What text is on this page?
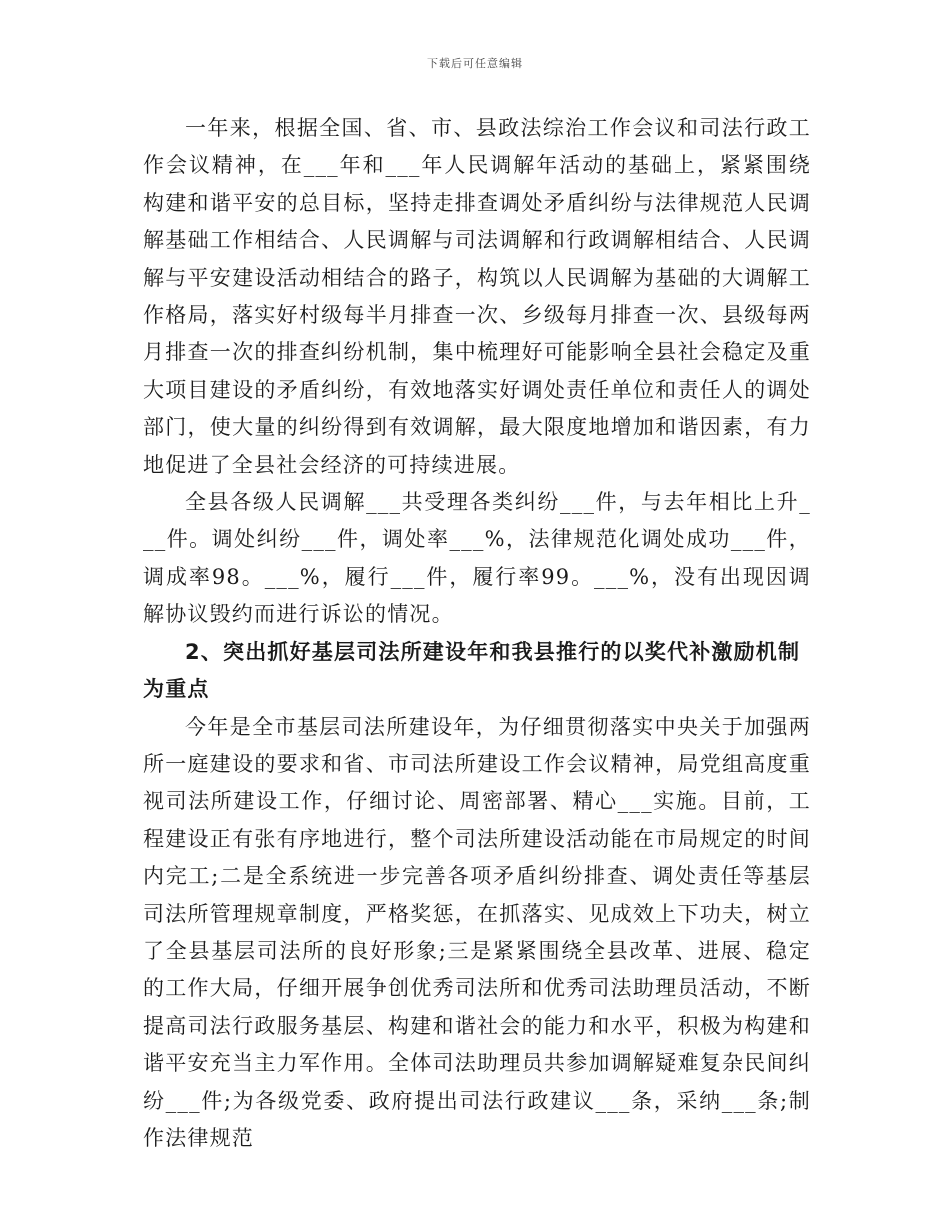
下载后可任意编辑

一年来，根据全国、省、市、县政法综治工作会议和司法行政工作会议精神，在___年和___年人民调解年活动的基础上，紧紧围绕构建和谐平安的总目标，坚持走排查调处矛盾纠纷与法律规范人民调解基础工作相结合、人民调解与司法调解和行政调解相结合、人民调解与平安建设活动相结合的路子，构筑以人民调解为基础的大调解工作格局，落实好村级每半月排查一次、乡级每月排查一次、县级每两月排查一次的排查纠纷机制，集中梳理好可能影响全县社会稳定及重大项目建设的矛盾纠纷，有效地落实好调处责任单位和责任人的调处部门，使大量的纠纷得到有效调解，最大限度地增加和谐因素，有力地促进了全县社会经济的可持续进展。

全县各级人民调解___共受理各类纠纷___件，与去年相比上升___件。调处纠纷___件，调处率___%，法律规范化调处成功___件，调成率98。___%，履行___件，履行率99。___%，没有出现因调解协议毁约而进行诉讼的情况。

2、突出抓好基层司法所建设年和我县推行的以奖代补激励机制为重点

今年是全市基层司法所建设年，为仔细贯彻落实中央关于加强两所一庭建设的要求和省、市司法所建设工作会议精神，局党组高度重视司法所建设工作，仔细讨论、周密部署、精心___实施。目前，工程建设正有张有序地进行，整个司法所建设活动能在市局规定的时间内完工;二是全系统进一步完善各项矛盾纠纷排查、调处责任等基层司法所管理规章制度，严格奖惩，在抓落实、见成效上下功夫，树立了全县基层司法所的良好形象;三是紧紧围绕全县改革、进展、稳定的工作大局，仔细开展争创优秀司法所和优秀司法助理员活动，不断提高司法行政服务基层、构建和谐社会的能力和水平，积极为构建和谐平安充当主力军作用。全体司法助理员共参加调解疑难复杂民间纠纷___件;为各级党委、政府提出司法行政建议___条，采纳___条;制作法律规范
